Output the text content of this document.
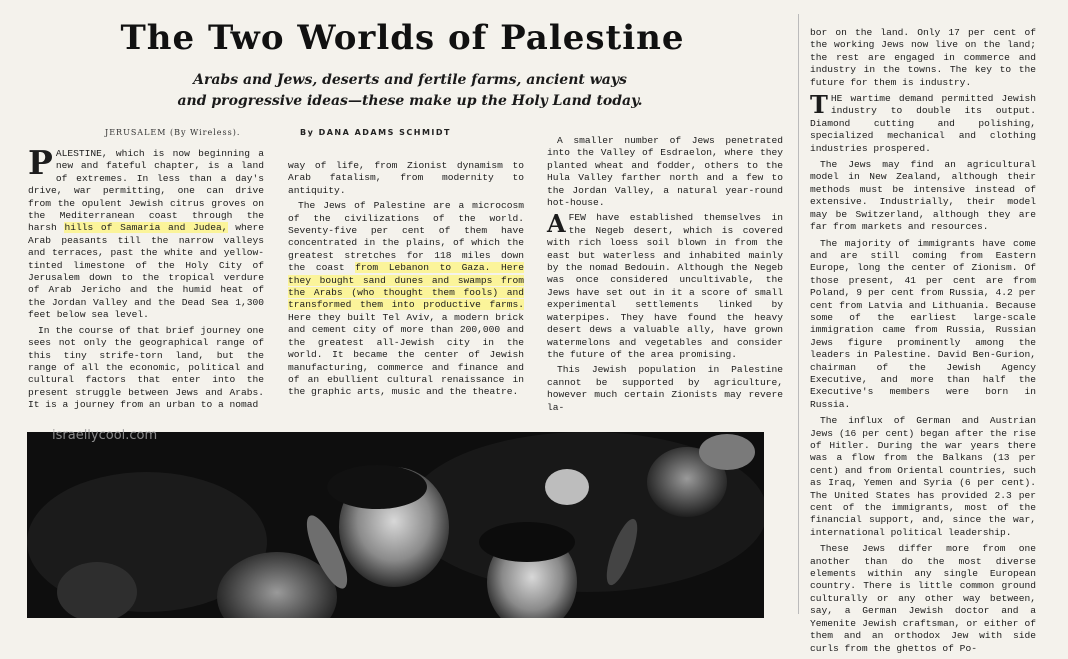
The Two Worlds of Palestine
Arabs and Jews, deserts and fertile farms, ancient ways
and progressive ideas—these make up the Holy Land today.
JERUSALEM (By Wireless).	By DANA ADAMS SCHMIDT

PALESTINE, which is now beginning a new and fateful chapter, is a land of extremes. In less than a day's drive, war permitting, one can drive from the opulent Jewish citrus groves on the Mediterranean coast through the harsh hills of Samaria and Judea, where Arab peasants till the narrow valleys and terraces, past the white and yellow-tinted limestone of the Holy City of Jerusalem down to the tropical verdure of Arab Jericho and the humid heat of the Jordan Valley and the Dead Sea 1,300 feet below sea level.

In the course of that brief journey one sees not only the geographical range of this tiny strife-torn land, but the range of all the economic, political and cultural factors that enter into the present struggle between Jews and Arabs. It is a journey from an urban to a nomad

way of life, from Zionist dynamism to Arab fatalism, from modernity to antiquity.

The Jews of Palestine are a microcosm of the civilizations of the world. Seventy-five per cent of them have concentrated in the plains, of which the greatest stretches for 118 miles down the coast from Lebanon to Gaza. Here they bought sand dunes and swamps from the Arabs (who thought them fools) and transformed them into productive farms. Here they built Tel Aviv, a modern brick and cement city of more than 200,000 and the greatest all-Jewish city in the world. It became the center of Jewish manufacturing, commerce and finance and of an ebullient cultural renaissance in the graphic arts, music and the theatre.

A smaller number of Jews penetrated into the Valley of Esdraelon, where they planted wheat and fodder, others to the Hula Valley farther north and a few to the Jordan Valley, a natural year-round hot-house.

AFEW have established themselves in the Negeb desert, which is covered with rich loess soil blown in from the east but waterless and inhabited mainly by the nomad Bedouin. Although the Negeb was once considered uncultivable, the Jews have set out in it a score of small experimental settlements linked by waterpipes. They have found the heavy desert dews a valuable ally, have grown watermelons and vegetables and consider the future of the area promising.

This Jewish population in Palestine cannot be supported by agriculture, however much certain Zionists may revere la-

bor on the land. Only 17 per cent of the working Jews now live on the land; the rest are engaged in commerce and industry in the towns. The key to the future for them is industry.

THE wartime demand permitted Jewish industry to double its output. Diamond cutting and polishing, specialized mechanical and clothing industries prospered.

The Jews may find an agricultural model in New Zealand, although their methods must be intensive instead of extensive. Industrially, their model may be Switzerland, although they are far from markets and resources.

The majority of immigrants have come and are still coming from Eastern Europe, long the center of Zionism. Of those present, 41 per cent are from Poland, 9 per cent from Russia, 4.2 per cent from Latvia and Lithuania. Because some of the earliest large-scale immigration came from Russia, Russian Jews figure prominently among the leaders in Palestine. David Ben-Gurion, chairman of the Jewish Agency Executive, and more than half the Executive's members were born in Russia.

The influx of German and Austrian Jews (16 per cent) began after the rise of Hitler. During the war years there was a flow from the Balkans (13 per cent) and from Oriental countries, such as Iraq, Yemen and Syria (6 per cent). The United States has provided 2.3 per cent of the immigrants, most of the financial support, and, since the war, international political leadership.

These Jews differ more from one another than do the most diverse elements within any single European country. There is little common ground culturally or any other way between, say, a German Jewish doctor and a Yemenite Jewish craftsman, or either of them and an orthodox Jew with side curls from the ghettos of Po-

israellycool.com
